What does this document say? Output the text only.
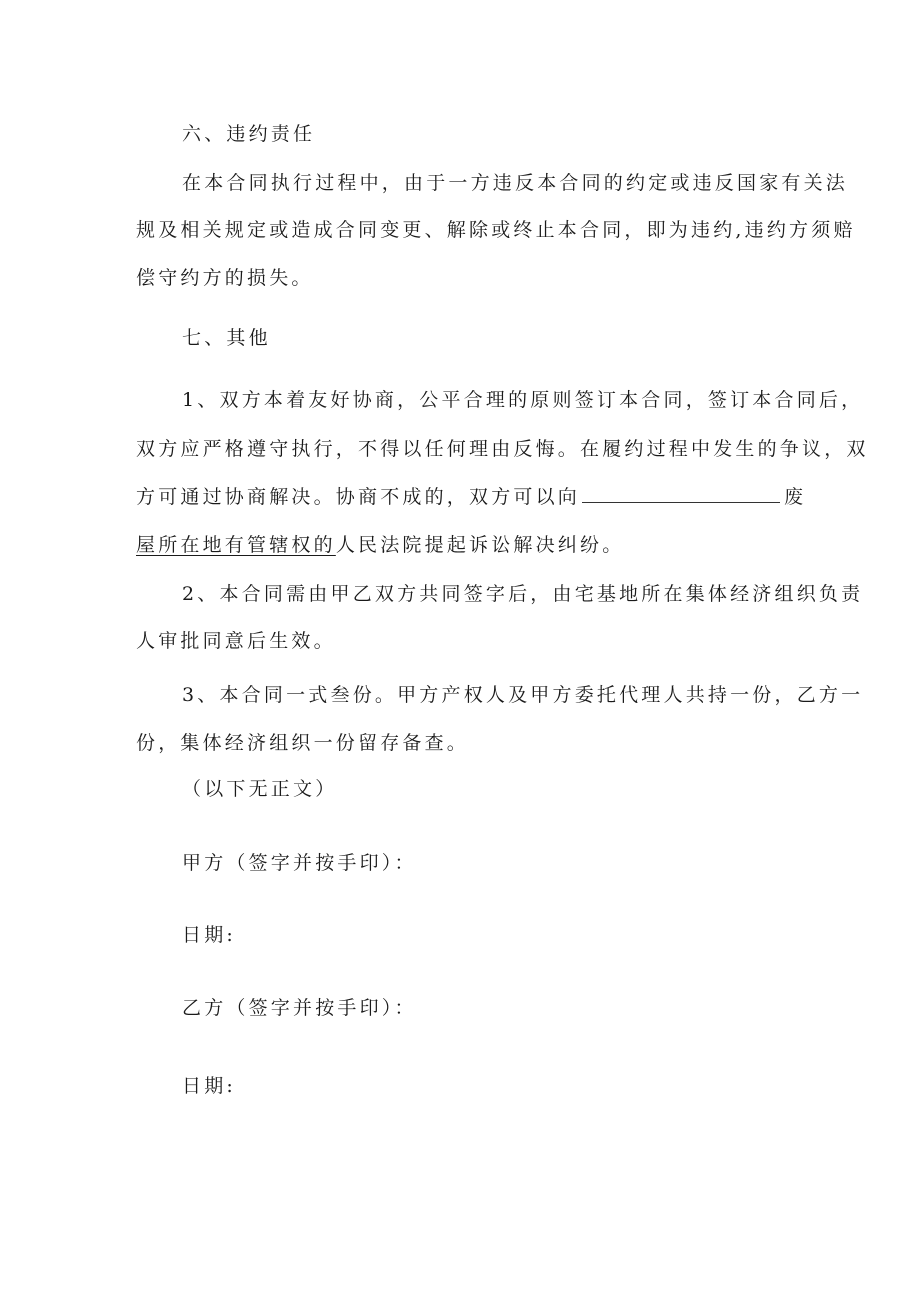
六、违约责任
在本合同执行过程中，由于一方违反本合同的约定或违反国家有关法
规及相关规定或造成合同变更、解除或终止本合同，即为违约,违约方须赔
偿守约方的损失。
七、其他
1、双方本着友好协商，公平合理的原则签订本合同，签订本合同后，
双方应严格遵守执行，不得以任何理由反悔。在履约过程中发生的争议，双
方可通过协商解决。协商不成的，双方可以向	废
屋所在地有管辖权的人民法院提起诉讼解决纠纷。
2、本合同需由甲乙双方共同签字后，由宅基地所在集体经济组织负责
人审批同意后生效。
3、本合同一式叁份。甲方产权人及甲方委托代理人共持一份，乙方一
份，集体经济组织一份留存备查。
（以下无正文）
甲方（签字并按手印）：
日期:
乙方（签字并按手印）：
日期:
